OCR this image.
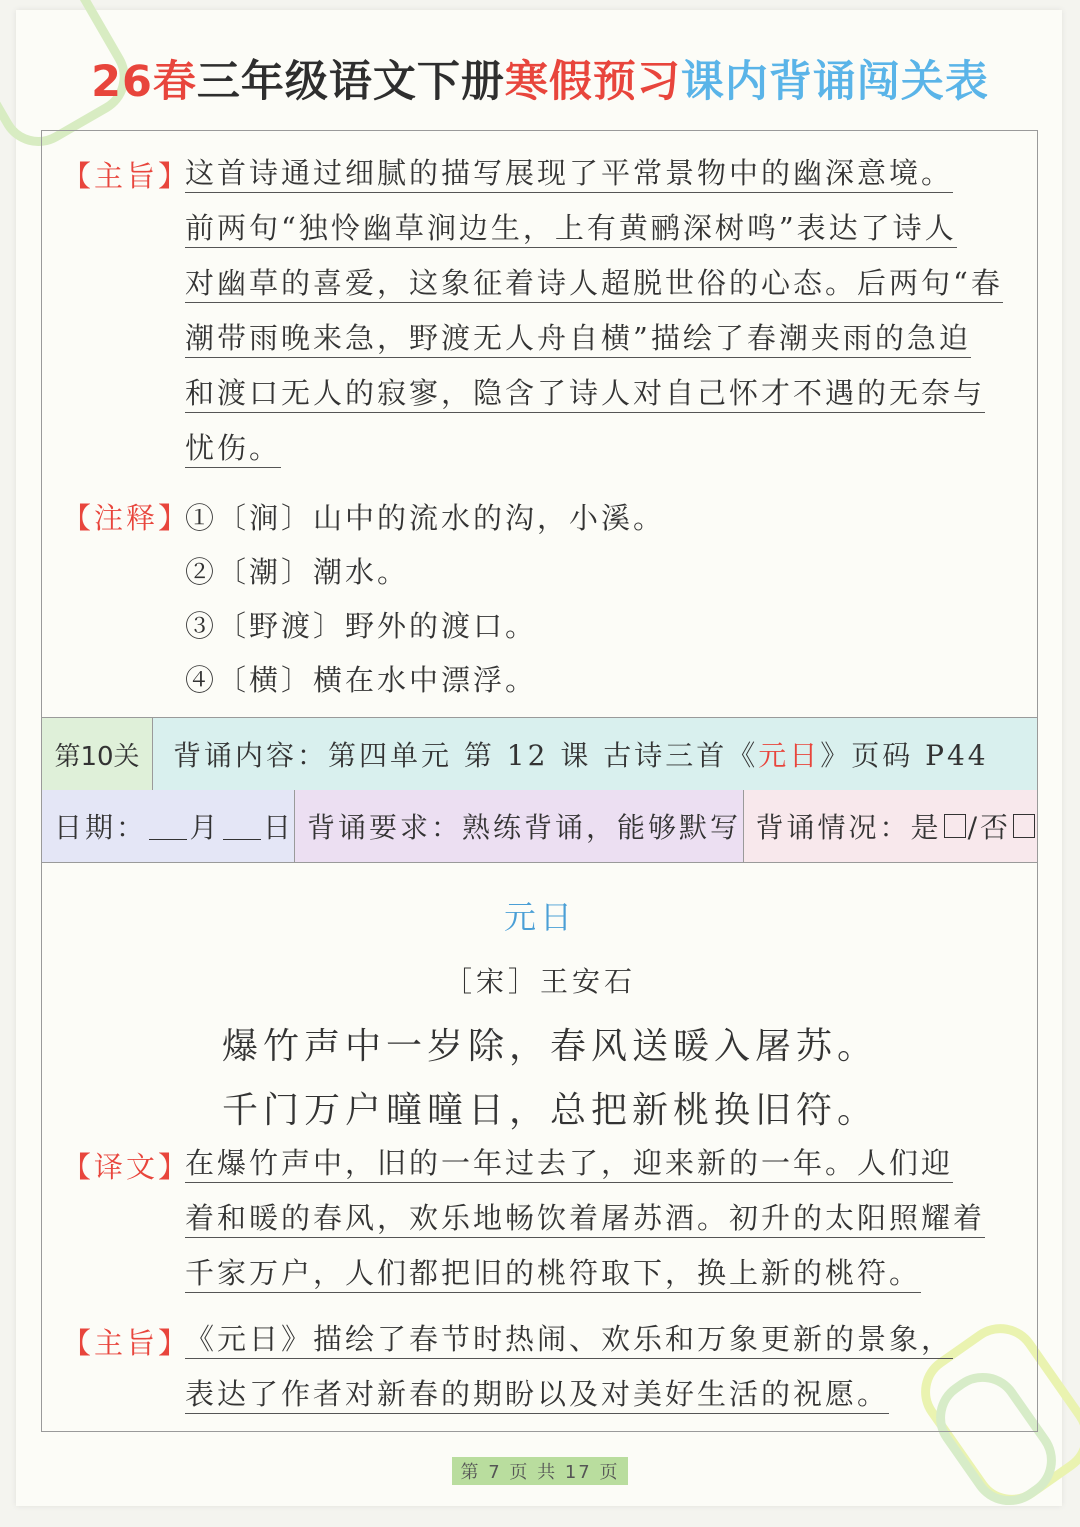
26春三年级语文下册寒假预习课内背诵闯关表
【主旨】
这首诗通过细腻的描写展现了平常景物中的幽深意境。
前两句“独怜幽草涧边生，上有黄鹂深树鸣”表达了诗人
对幽草的喜爱，这象征着诗人超脱世俗的心态。后两句“春
潮带雨晚来急，野渡无人舟自横”描绘了春潮夹雨的急迫
和渡口无人的寂寥，隐含了诗人对自己怀才不遇的无奈与
忧伤。
【注释】
①〔涧〕山中的流水的沟，小溪。
②〔潮〕潮水。
③〔野渡〕野外的渡口。
④〔横〕横在水中漂浮。
第10关	背诵内容：第四单元 第 12 课 古诗三首《 元日 》页码 P44
日期： 月 日 背诵要求：熟练背诵，能够默写 背诵情况：是 /否
元日
［宋］王安石
爆竹声中一岁除，春风送暖入屠苏。
千门万户曈曈日，总把新桃换旧符。
【译文】
在爆竹声中，旧的一年过去了，迎来新的一年。人们迎
着和暖的春风，欢乐地畅饮着屠苏酒。初升的太阳照耀着
千家万户，人们都把旧的桃符取下，换上新的桃符。
【主旨】
《元日》描绘了春节时热闹、欢乐和万象更新的景象，
表达了作者对新春的期盼以及对美好生活的祝愿。
第 7 页 共 17 页
